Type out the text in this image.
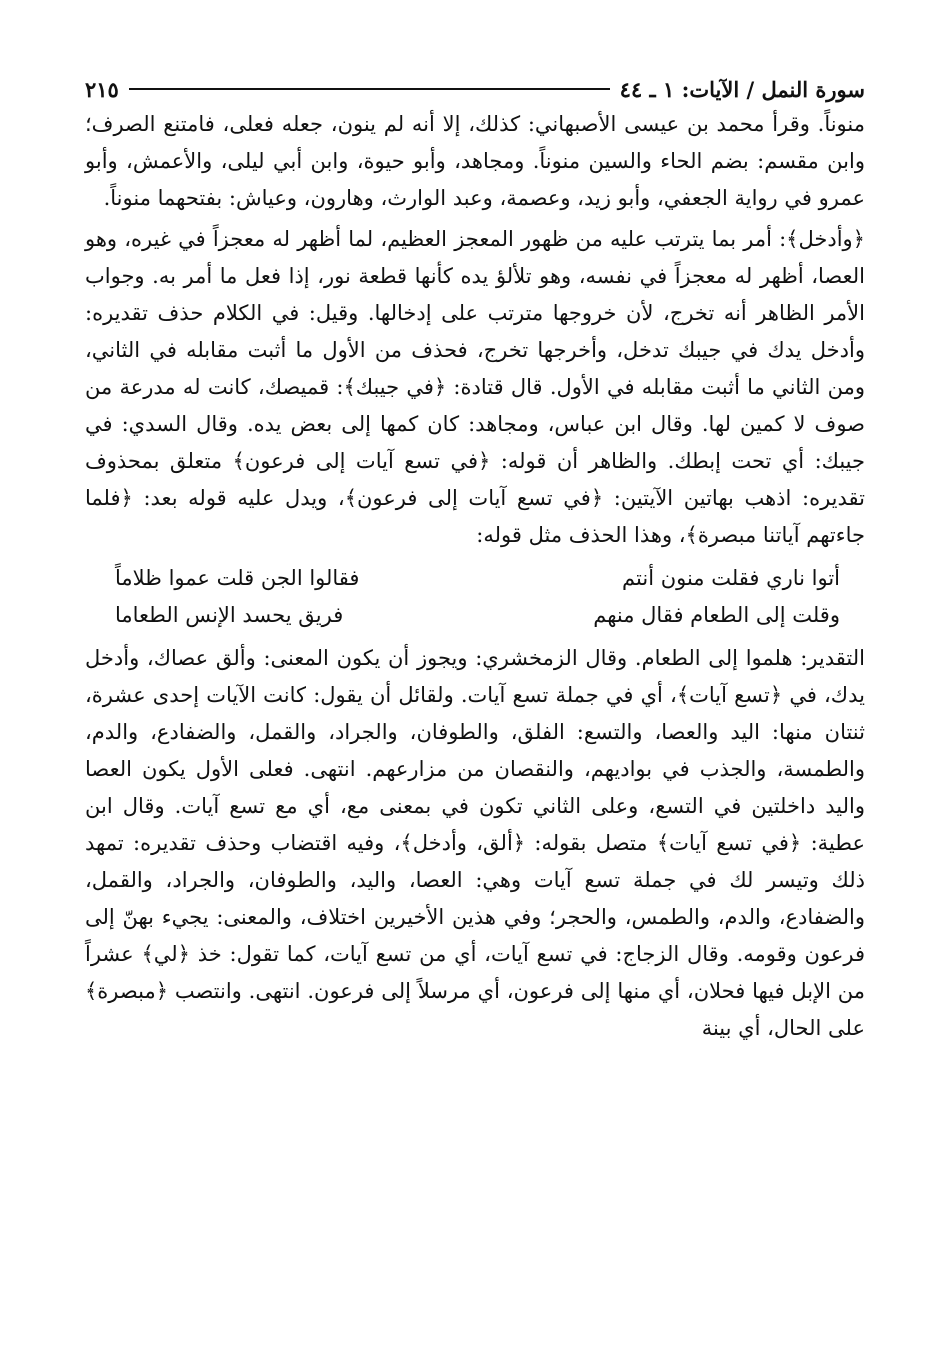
سورة النمل / الآيات: ١ ـ ٤٤
٢١٥

منوناً. وقرأ محمد بن عيسى الأصبهاني: كذلك، إلا أنه لم ينون، جعله فعلى، فامتنع الصرف؛ وابن مقسم: بضم الحاء والسين منوناً. ومجاهد، وأبو حيوة، وابن أبي ليلى، والأعمش، وأبو عمرو في رواية الجعفي، وأبو زيد، وعصمة، وعبد الوارث، وهارون، وعياش: بفتحهما منوناً.

﴿وأدخل﴾: أمر بما يترتب عليه من ظهور المعجز العظيم، لما أظهر له معجزاً في غيره، وهو العصا، أظهر له معجزاً في نفسه، وهو تلألؤ يده كأنها قطعة نور، إذا فعل ما أمر به. وجواب الأمر الظاهر أنه تخرج، لأن خروجها مترتب على إدخالها. وقيل: في الكلام حذف تقديره: وأدخل يدك في جيبك تدخل، وأخرجها تخرج، فحذف من الأول ما أثبت مقابله في الثاني، ومن الثاني ما أثبت مقابله في الأول. قال قتادة: ﴿في جيبك﴾: قميصك، كانت له مدرعة من صوف لا كمين لها. وقال ابن عباس، ومجاهد: كان كمها إلى بعض يده. وقال السدي: في جيبك: أي تحت إبطك. والظاهر أن قوله: ﴿في تسع آيات إلى فرعون﴾ متعلق بمحذوف تقديره: اذهب بهاتين الآيتين: ﴿في تسع آيات إلى فرعون﴾، ويدل عليه قوله بعد: ﴿فلما جاءتهم آياتنا مبصرة﴾، وهذا الحذف مثل قوله:

أتوا ناري فقلت منون أنتم
فقالوا الجن قلت عموا ظلاماً
وقلت إلى الطعام فقال منهم
فريق يحسد الإنس الطعاما

التقدير: هلموا إلى الطعام. وقال الزمخشري: ويجوز أن يكون المعنى: وألق عصاك، وأدخل يدك، في ﴿تسع آيات﴾، أي في جملة تسع آيات. ولقائل أن يقول: كانت الآيات إحدى عشرة، ثنتان منها: اليد والعصا، والتسع: الفلق، والطوفان، والجراد، والقمل، والضفادع، والدم، والطمسة، والجذب في بواديهم، والنقصان من مزارعهم. انتهى. فعلى الأول يكون العصا واليد داخلتين في التسع، وعلى الثاني تكون في بمعنى مع، أي مع تسع آيات. وقال ابن عطية: ﴿في تسع آيات﴾ متصل بقوله: ﴿ألق، وأدخل﴾، وفيه اقتضاب وحذف تقديره: تمهد ذلك وتيسر لك في جملة تسع آيات وهي: العصا، واليد، والطوفان، والجراد، والقمل، والضفادع، والدم، والطمس، والحجر؛ وفي هذين الأخيرين اختلاف، والمعنى: يجيء بهنّ إلى فرعون وقومه. وقال الزجاج: في تسع آيات، أي من تسع آيات، كما تقول: خذ ﴿لي﴾ عشراً من الإبل فيها فحلان، أي منها إلى فرعون، أي مرسلاً إلى فرعون. انتهى. وانتصب ﴿مبصرة﴾ على الحال، أي بينة
